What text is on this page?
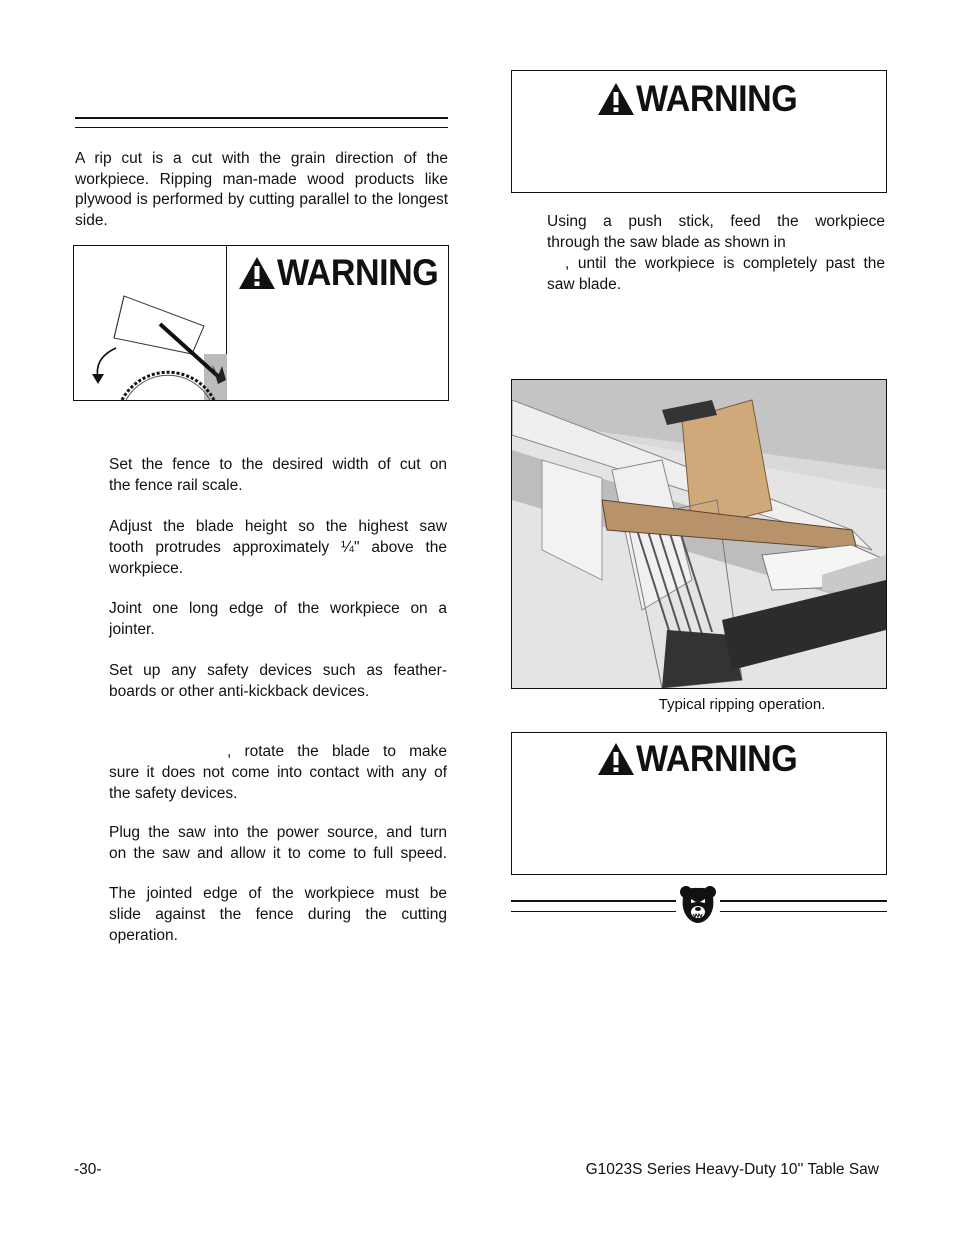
A rip cut is a cut with the grain direction of the workpiece. Ripping man-made wood products like plywood is performed by cutting parallel to the longest side.

WARNING
Set the fence to the desired width of cut on
the fence rail scale.
Adjust the blade height so the highest saw
tooth protrudes approximately ¼" above the
workpiece.
Joint one long edge of the workpiece on a
jointer.
Set up any safety devices such as feather-
boards or other anti-kickback devices.
, rotate the blade to make
sure it does not come into contact with any of
the safety devices.
Plug the saw into the power source, and turn
on the saw and allow it to come to full speed.
The jointed edge of the workpiece must be
slide against the fence during the cutting
operation.
WARNING
Using a push stick, feed the workpiece
through the saw blade as shown in
, until the workpiece is completely past the
saw blade.
Typical ripping operation.
WARNING
-30-	G1023S Series Heavy-Duty 10'' Table Saw
